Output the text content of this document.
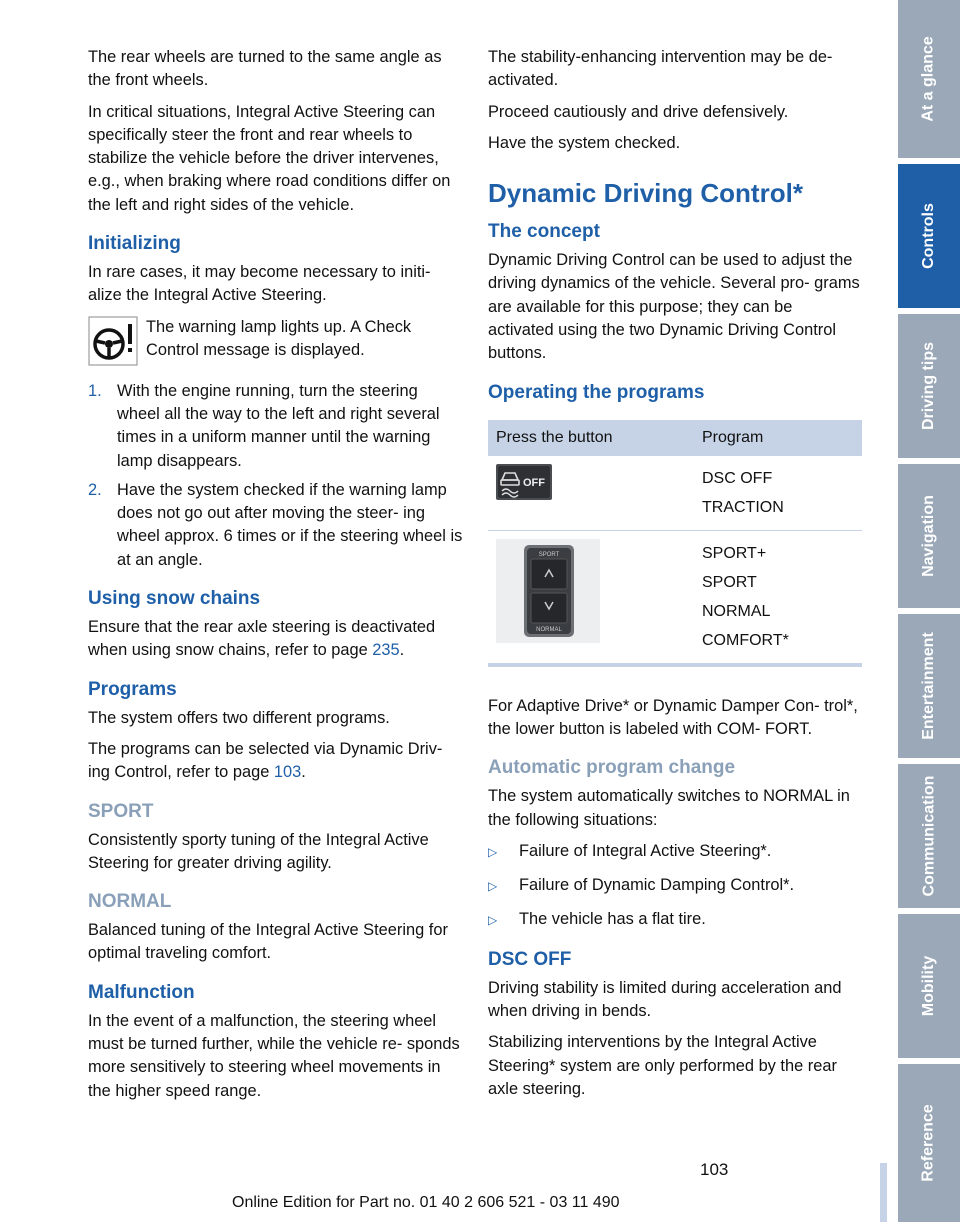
The rear wheels are turned to the same angle as the front wheels.

In critical situations, Integral Active Steering can specifically steer the front and rear wheels to stabilize the vehicle before the driver intervenes, e.g., when braking where road conditions differ on the left and right sides of the vehicle.

Initializing

In rare cases, it may become necessary to initi- alize the Integral Active Steering.

The warning lamp lights up. A Check Control message is displayed.

1. With the engine running, turn the steering wheel all the way to the left and right several times in a uniform manner until the warning lamp disappears.
2. Have the system checked if the warning lamp does not go out after moving the steer- ing wheel approx. 6 times or if the steering wheel is at an angle.
Using snow chains

Ensure that the rear axle steering is deactivated when using snow chains, refer to page 235.

Programs

The system offers two different programs.

The programs can be selected via Dynamic Driv- ing Control, refer to page 103.

SPORT

Consistently sporty tuning of the Integral Active Steering for greater driving agility.

NORMAL

Balanced tuning of the Integral Active Steering for optimal traveling comfort.

Malfunction

In the event of a malfunction, the steering wheel must be turned further, while the vehicle re- sponds more sensitively to steering wheel movements in the higher speed range.

The stability-enhancing intervention may be de- activated.

Proceed cautiously and drive defensively.

Have the system checked.

Dynamic Driving Control*
The concept

Dynamic Driving Control can be used to adjust the driving dynamics of the vehicle. Several pro- grams are available for this purpose; they can be activated using the two Dynamic Driving Control buttons.

Operating the programs
Press the button	Program

OFF	DSC OFF
TRACTION

SPORT
NORMAL	SPORT+
SPORT
NORMAL
COMFORT*

For Adaptive Drive* or Dynamic Damper Con- trol*, the lower button is labeled with COM- FORT.

Automatic program change

The system automatically switches to NORMAL in the following situations:

▷	Failure of Integral Active Steering*.
▷	Failure of Dynamic Damping Control*.
▷	The vehicle has a flat tire.
DSC OFF

Driving stability is limited during acceleration and when driving in bends.

Stabilizing interventions by the Integral Active Steering* system are only performed by the rear axle steering.

At a glance
Controls
Driving tips
Navigation
Entertainment
Communication
Mobility
Reference
103
Online Edition for Part no. 01 40 2 606 521 - 03 11 490
